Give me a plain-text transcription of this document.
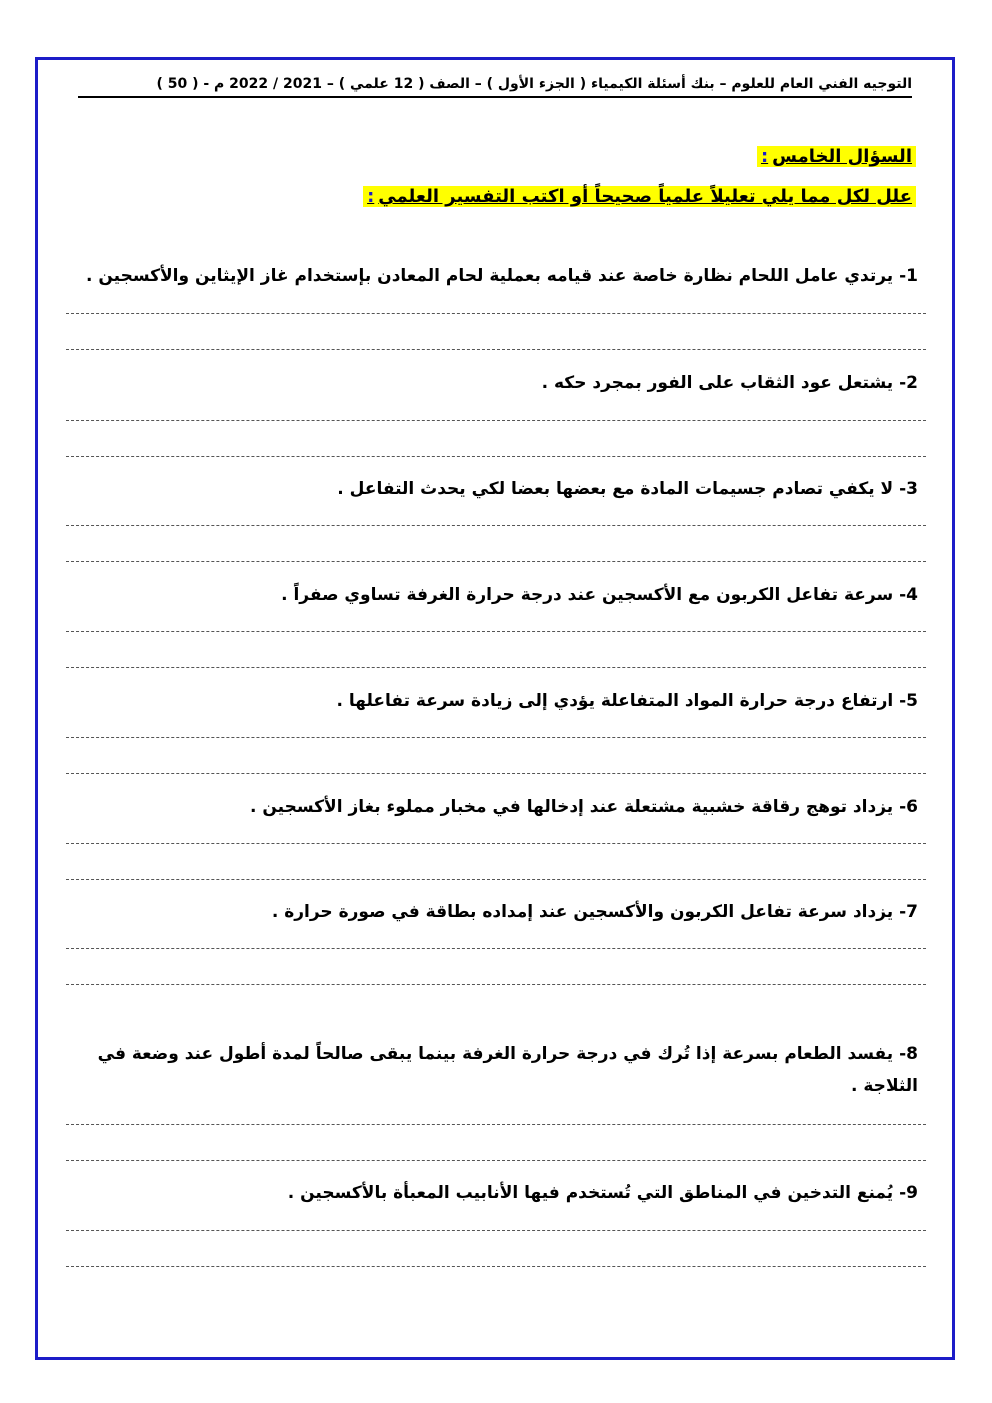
التوجيه الفني العام للعلوم – بنك أسئلة الكيمياء ( الجزء الأول ) – الصف ( 12 علمي ) – 2021 / 2022 م - ( 50 )
السؤال الخامس:
علل لكل مما يلي تعليلاً علمياً صحيحاً أو اكتب التفسير العلمي:
1- يرتدي عامل اللحام نظارة خاصة عند قيامه بعملية لحام المعادن بإستخدام غاز الإيثاين والأكسجين .
2- يشتعل عود الثقاب على الفور بمجرد حكه .
3- لا يكفي تصادم جسيمات المادة مع بعضها بعضا لكي يحدث التفاعل .
4- سرعة تفاعل الكربون مع الأكسجين عند درجة حرارة الغرفة تساوي صفراً .
5- ارتفاع درجة حرارة المواد المتفاعلة يؤدي إلى زيادة سرعة تفاعلها .
6- يزداد توهج رقاقة خشبية مشتعلة عند إدخالها في مخبار مملوء بغاز الأكسجين .
7- يزداد سرعة تفاعل الكربون والأكسجين عند إمداده بطاقة في صورة حرارة .
8- يفسد الطعام بسرعة إذا تُرك في درجة حرارة الغرفة بينما يبقى صالحاً لمدة أطول عند وضعة في الثلاجة .
9- يُمنع التدخين في المناطق التي تُستخدم فيها الأنابيب المعبأة بالأكسجين .
